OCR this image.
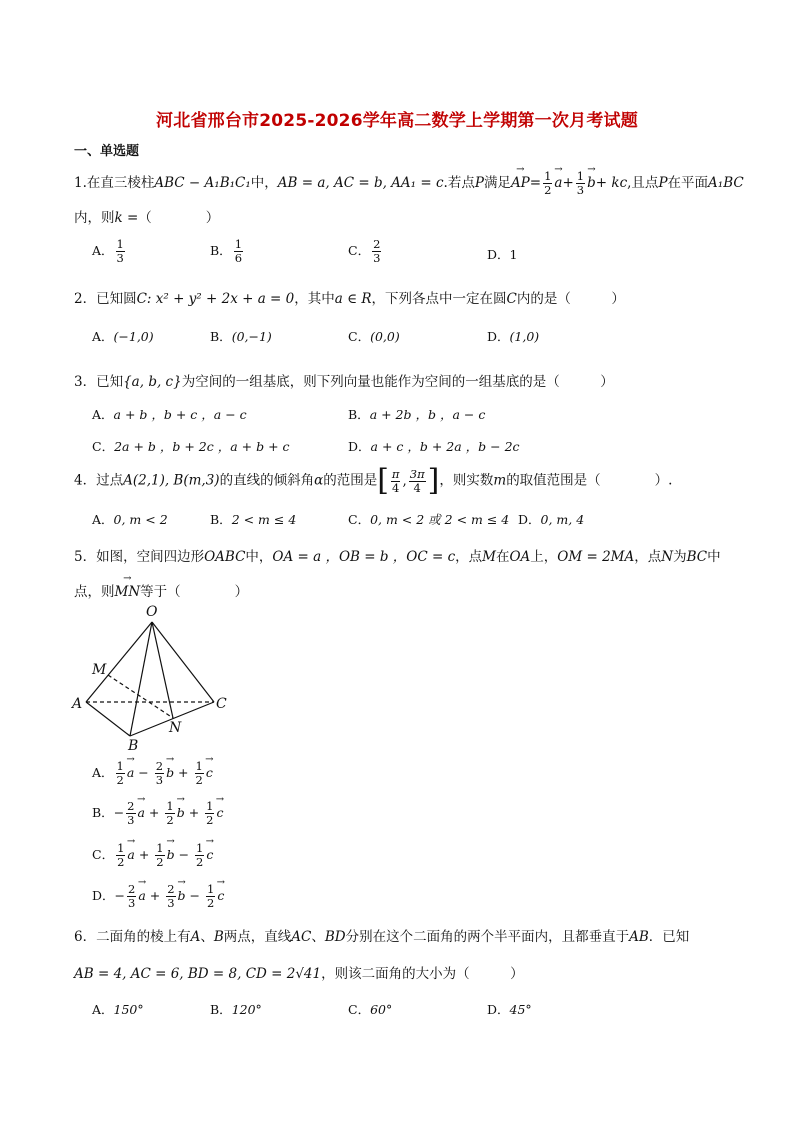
河北省邢台市2025-2026学年高二数学上学期第一次月考试题
一、单选题
1.在直三棱柱ABC − A₁B₁C₁中，AB = a, AC = b, AA₁ = c.若点P满足→ $AP= \frac{1}{2}$
→ $a+ \frac{1}{3}$
→ b+ kc,且点P在平面A₁BC
内，则k =（　　　　）
A． $\frac{1}{3}$	B． $\frac{1}{6}$	C． $\frac{2}{3}$	D．1
2．已知圆C: x² + y² + 2x + a = 0，其中a ∈ R，下列各点中一定在圆C内的是（　　　）
A．(−1,0)	B．(0,−1)	C．(0,0)	D．(1,0)
3．已知{a, b, c}为空间的一组基底，则下列向量也能作为空间的一组基底的是（　　　）
A．a + b ，b + c ，a − c	B．a + 2b ，b ，a − c
C．2a + b ，b + 2c ，a + b + c	D．a + c ，b + 2a ，b − 2c
4．过点A(2,1), B(m,3)的直线的倾斜角α的范围是 [ $\frac{\pi}{4}$ , $\frac{3\pi}{4}$ ] ，则实数m的取值范围是（　　　　）.
A．0, m < 2	B．2 < m ≤ 4	C．0, m < 2 或 2 < m ≤ 4 D．0, m, 4
5．如图，空间四边形OABC中，OA = a ，OB = b ，OC = c，点M在OA上，OM = 2MA，点N为BC中
点，则→ MN等于（　　　　）
O
M
A
B
C
N
A． $\frac{1}{2}$
→ $a - \frac{2}{3}$
→ $b + \frac{1}{2}$
→ c
B．− $\frac{2}{3}$
→ $a + \frac{1}{2}$
→ $b + \frac{1}{2}$
→ c
C． $\frac{1}{2}$
→ $a + \frac{1}{2}$
→ $b - \frac{1}{2}$
→ c
D．− $\frac{2}{3}$
→ $a + \frac{2}{3}$
→ $b - \frac{1}{2}$
→ c
6．二面角的棱上有A、B两点，直线AC、BD分别在这个二面角的两个半平面内，且都垂直于AB．已知
AB = 4, AC = 6, BD = 8, CD = 2√41，则该二面角的大小为（　　　）
A．150°	B．120°	C．60°	D．45°
